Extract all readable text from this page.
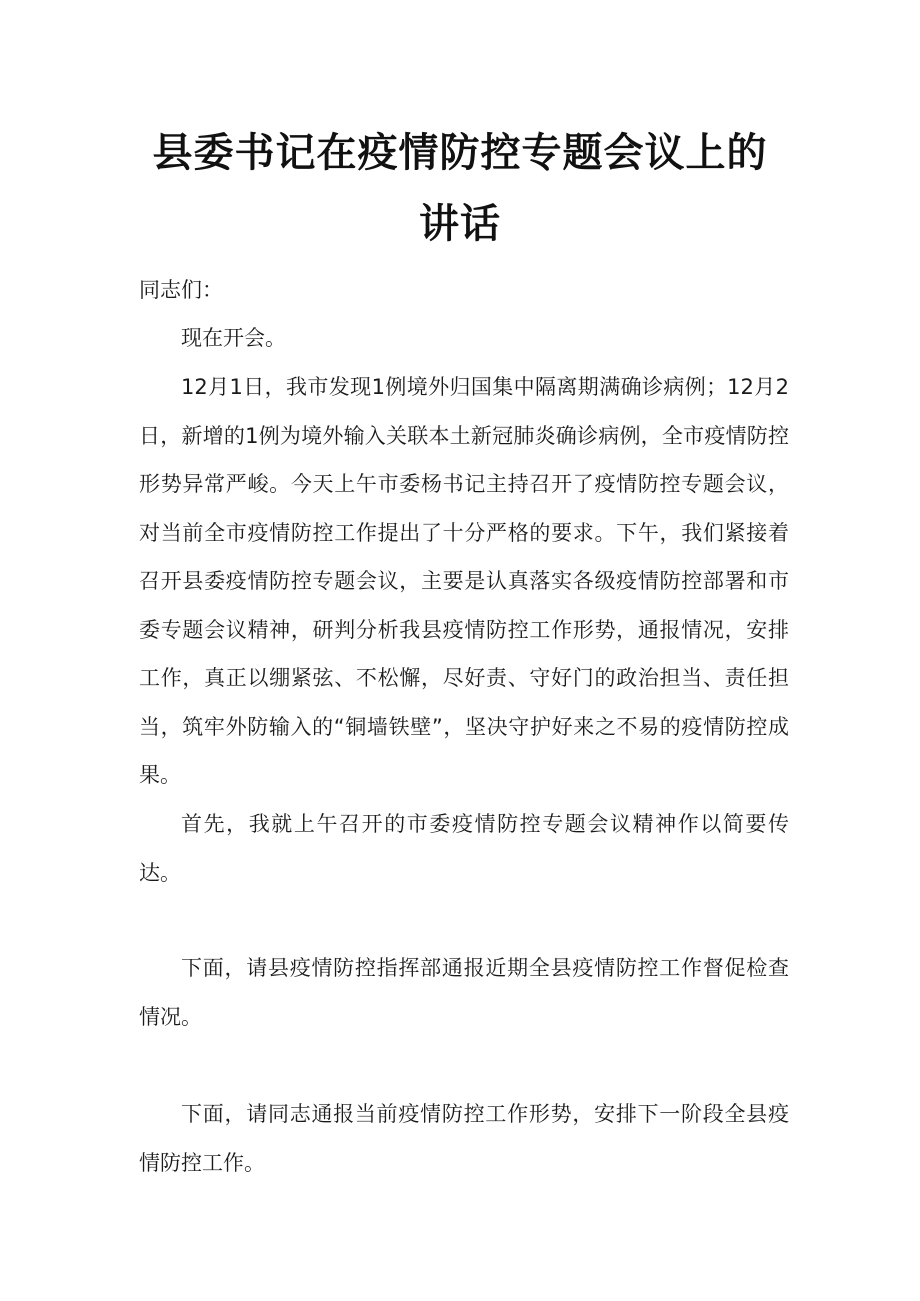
县委书记在疫情防控专题会议上的
讲话
同志们：
现在开会。
12月1日，我市发现1例境外归国集中隔离期满确诊病例；12月2日，新增的1例为境外输入关联本土新冠肺炎确诊病例，全市疫情防控形势异常严峻。今天上午市委杨书记主持召开了疫情防控专题会议，对当前全市疫情防控工作提出了十分严格的要求。下午，我们紧接着召开县委疫情防控专题会议，主要是认真落实各级疫情防控部署和市委专题会议精神，研判分析我县疫情防控工作形势，通报情况，安排工作，真正以绷紧弦、不松懈，尽好责、守好门的政治担当、责任担当，筑牢外防输入的“铜墙铁壁”，坚决守护好来之不易的疫情防控成果。
首先，我就上午召开的市委疫情防控专题会议精神作以简要传达。
下面，请县疫情防控指挥部通报近期全县疫情防控工作督促检查情况。
下面，请同志通报当前疫情防控工作形势，安排下一阶段全县疫情防控工作。
